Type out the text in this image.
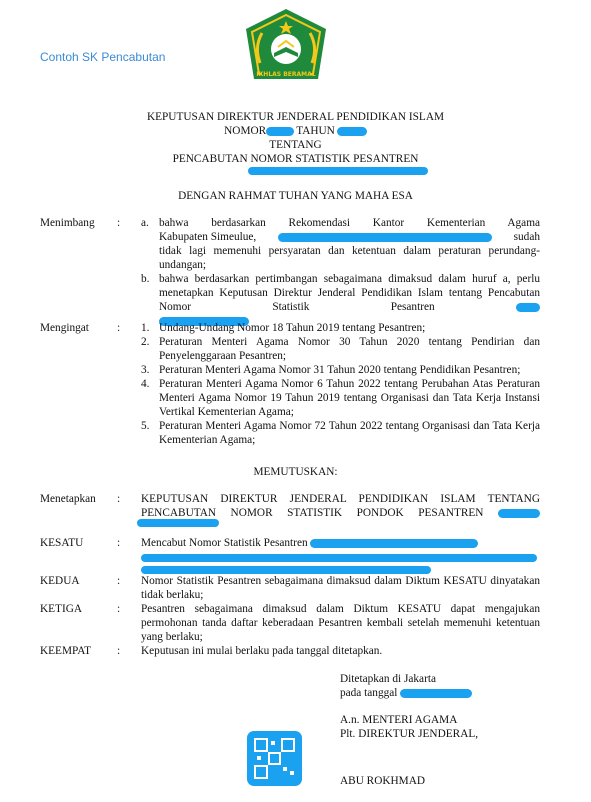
Contoh SK Pencabutan
IKHLAS BERAMAL
KEPUTUSAN DIREKTUR JENDERAL PENDIDIKAN ISLAM
NOMOR	TAHUN
TENTANG
PENCABUTAN NOMOR STATISTIK PESANTREN
DENGAN RAHMAT TUHAN YANG MAHA ESA
Menimbang : a. bahwa berdasarkan Rekomendasi Kantor Kementerian Agama
Kabupaten Simeulue,	sudah
tidak lagi memenuhi persyaratan dan ketentuan dalam peraturan perundang-undangan;
b. bahwa berdasarkan pertimbangan sebagaimana dimaksud dalam huruf a, perlu menetapkan Keputusan Direktur Jenderal Pendidikan Islam tentang Pencabutan Nomor Statistik Pesantren
Mengingat : 1. Undang-Undang Nomor 18 Tahun 2019 tentang Pesantren;
2. Peraturan Menteri Agama Nomor 30 Tahun 2020 tentang Pendirian dan Penyelenggaraan Pesantren;
3. Peraturan Menteri Agama Nomor 31 Tahun 2020 tentang Pendidikan Pesantren;
4. Peraturan Menteri Agama Nomor 6 Tahun 2022 tentang Perubahan Atas Peraturan Menteri Agama Nomor 19 Tahun 2019 tentang Organisasi dan Tata Kerja Instansi Vertikal Kementerian Agama;
5. Peraturan Menteri Agama Nomor 72 Tahun 2022 tentang Organisasi dan Tata Kerja Kementerian Agama;
MEMUTUSKAN:
Menetapkan : KEPUTUSAN DIREKTUR JENDERAL PENDIDIKAN ISLAM TENTANG PENCABUTAN NOMOR STATISTIK PONDOK PESANTREN
KESATU	: Mencabut Nomor Statistik Pesantren
KEDUA	: Nomor Statistik Pesantren sebagaimana dimaksud dalam Diktum KESATU dinyatakan tidak berlaku;
KETIGA	: Pesantren sebagaimana dimaksud dalam Diktum KESATU dapat mengajukan permohonan tanda daftar keberadaan Pesantren kembali setelah memenuhi ketentuan yang berlaku;
KEEMPAT : Keputusan ini mulai berlaku pada tanggal ditetapkan.
Ditetapkan di Jakarta
pada tanggal
A.n. MENTERI AGAMA
Plt. DIREKTUR JENDERAL,
ABU ROKHMAD
